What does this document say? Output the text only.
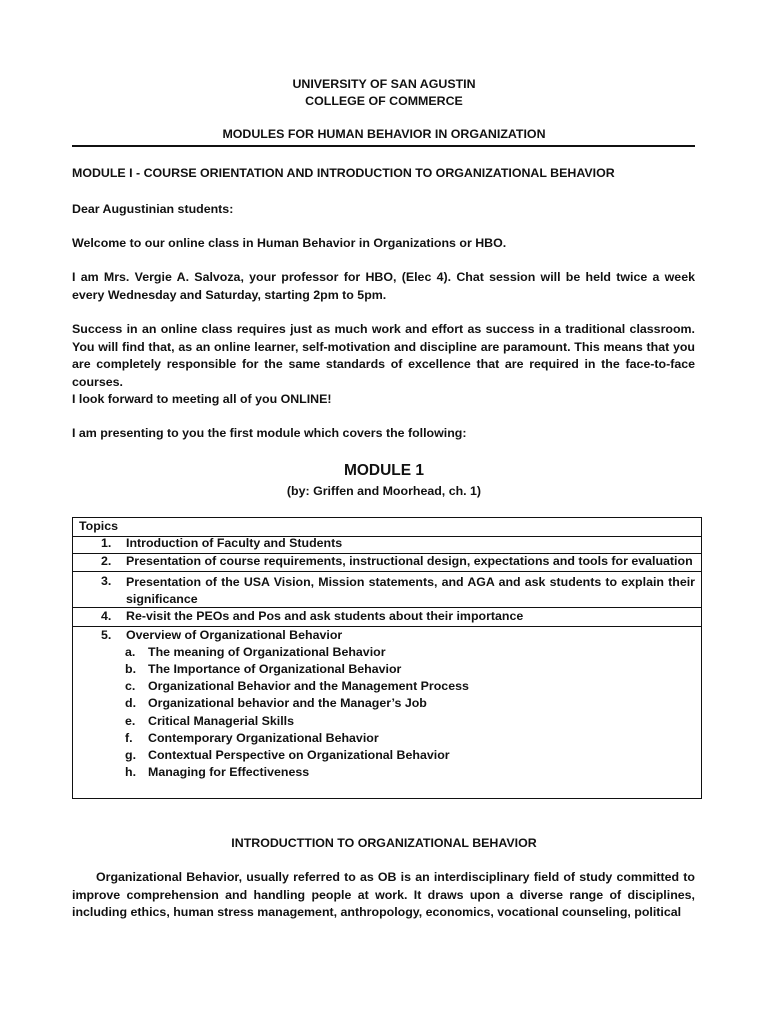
UNIVERSITY OF SAN AGUSTIN
COLLEGE OF COMMERCE
MODULES FOR HUMAN BEHAVIOR IN ORGANIZATION
MODULE I - COURSE ORIENTATION AND INTRODUCTION TO ORGANIZATIONAL BEHAVIOR
Dear Augustinian students:
Welcome to our online class in Human Behavior in Organizations or HBO.
I am Mrs. Vergie A. Salvoza, your professor for HBO, (Elec 4). Chat session will be held twice a week every Wednesday and Saturday, starting 2pm to 5pm.
Success in an online class requires just as much work and effort as success in a traditional classroom. You will find that, as an online learner, self-motivation and discipline are paramount. This means that you are completely responsible for the same standards of excellence that are required in the face-to-face courses.
I look forward to meeting all of you ONLINE!
I am presenting to you the first module which covers the following:
MODULE 1
(by: Griffen and Moorhead, ch. 1)
Topics
1. Introduction of Faculty and Students
2. Presentation of course requirements, instructional design, expectations and tools for evaluation
3. Presentation of the USA Vision, Mission statements, and AGA and ask students to explain their significance
4. Re-visit the PEOs and Pos and ask students about their importance
5. Overview of Organizational Behavior
a. The meaning of Organizational Behavior
b. The Importance of Organizational Behavior
c. Organizational Behavior and the Management Process
d. Organizational behavior and the Manager’s Job
e. Critical Managerial Skills
f. Contemporary Organizational Behavior
g. Contextual Perspective on Organizational Behavior
h. Managing for Effectiveness
INTRODUCTTION TO ORGANIZATIONAL BEHAVIOR
Organizational Behavior, usually referred to as OB is an interdisciplinary field of study committed to improve comprehension and handling people at work. It draws upon a diverse range of disciplines, including ethics, human stress management, anthropology, economics, vocational counseling, political
